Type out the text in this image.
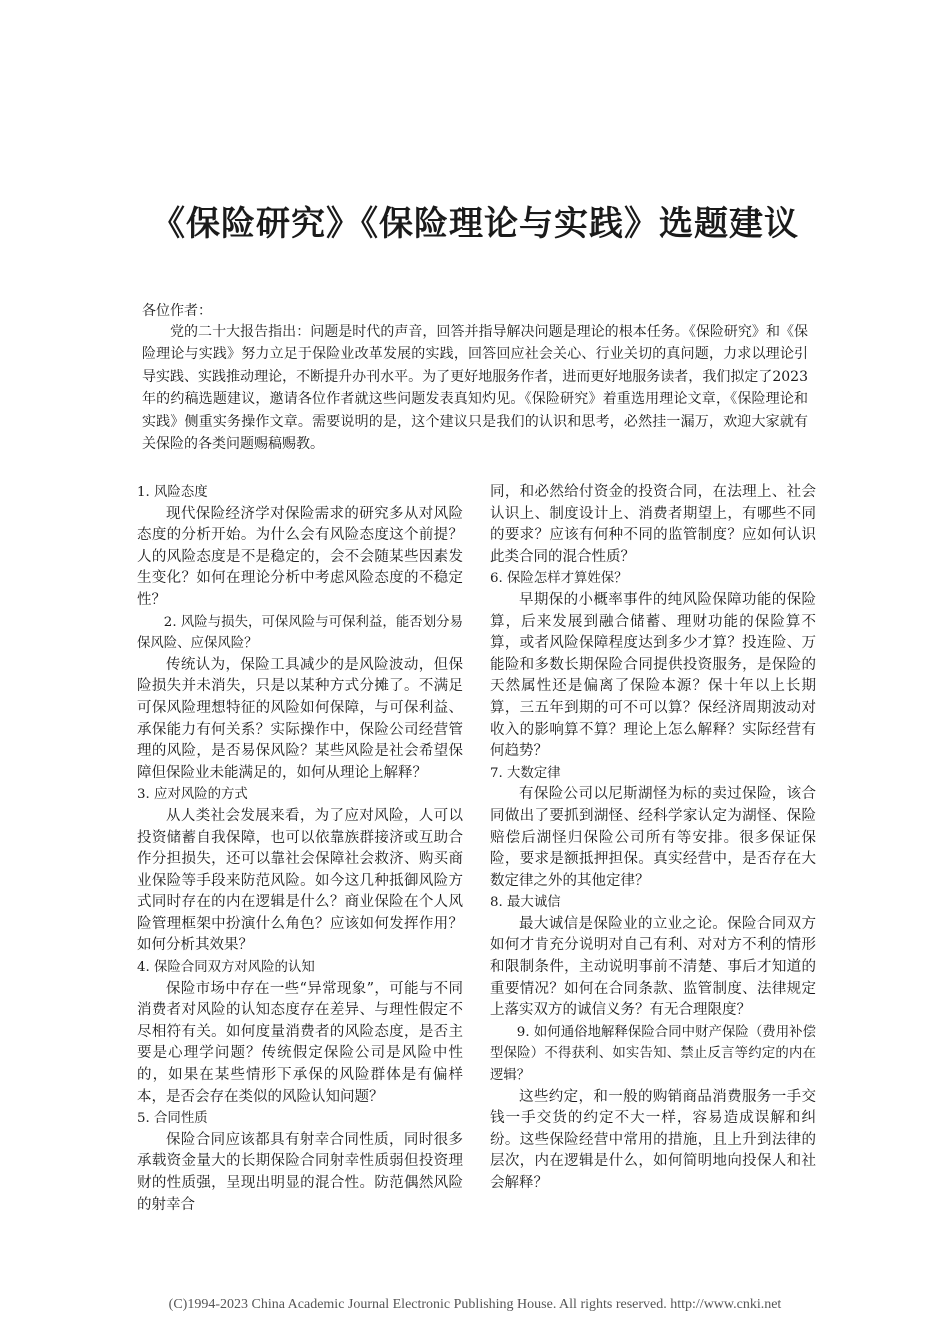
《保险研究》《保险理论与实践》选题建议
各位作者：

党的二十大报告指出：问题是时代的声音，回答并指导解决问题是理论的根本任务。《保险研究》和《保险理论与实践》努力立足于保险业改革发展的实践，回答回应社会关心、行业关切的真问题，力求以理论引导实践、实践推动理论，不断提升办刊水平。为了更好地服务作者，进而更好地服务读者，我们拟定了2023年的约稿选题建议，邀请各位作者就这些问题发表真知灼见。《保险研究》着重选用理论文章，《保险理论和实践》侧重实务操作文章。需要说明的是，这个建议只是我们的认识和思考，必然挂一漏万，欢迎大家就有关保险的各类问题赐稿赐教。

1. 风险态度

现代保险经济学对保险需求的研究多从对风险态度的分析开始。为什么会有风险态度这个前提？人的风险态度是不是稳定的，会不会随某些因素发生变化？如何在理论分析中考虑风险态度的不稳定性？

2. 风险与损失，可保风险与可保利益，能否划分易保风险、应保风险？

传统认为，保险工具减少的是风险波动，但保险损失并未消失，只是以某种方式分摊了。不满足可保风险理想特征的风险如何保障，与可保利益、承保能力有何关系？实际操作中，保险公司经营管理的风险，是否易保风险？某些风险是社会希望保障但保险业未能满足的，如何从理论上解释？

3. 应对风险的方式

从人类社会发展来看，为了应对风险，人可以投资储蓄自我保障，也可以依靠族群接济或互助合作分担损失，还可以靠社会保障社会救济、购买商业保险等手段来防范风险。如今这几种抵御风险方式同时存在的内在逻辑是什么？商业保险在个人风险管理框架中扮演什么角色？应该如何发挥作用？如何分析其效果？

4. 保险合同双方对风险的认知

保险市场中存在一些“异常现象”，可能与不同消费者对风险的认知态度存在差异、与理性假定不尽相符有关。如何度量消费者的风险态度，是否主要是心理学问题？传统假定保险公司是风险中性的，如果在某些情形下承保的风险群体是有偏样本，是否会存在类似的风险认知问题？

5. 合同性质

保险合同应该都具有射幸合同性质，同时很多承载资金量大的长期保险合同射幸性质弱但投资理财的性质强，呈现出明显的混合性。防范偶然风险的射幸合

同，和必然给付资金的投资合同，在法理上、社会认识上、制度设计上、消费者期望上，有哪些不同的要求？应该有何种不同的监管制度？应如何认识此类合同的混合性质？

6. 保险怎样才算姓保？

早期保的小概率事件的纯风险保障功能的保险算，后来发展到融合储蓄、理财功能的保险算不算，或者风险保障程度达到多少才算？投连险、万能险和多数长期保险合同提供投资服务，是保险的天然属性还是偏离了保险本源？保十年以上长期算，三五年到期的可不可以算？保经济周期波动对收入的影响算不算？理论上怎么解释？实际经营有何趋势？

7. 大数定律

有保险公司以尼斯湖怪为标的卖过保险，该合同做出了要抓到湖怪、经科学家认定为湖怪、保险赔偿后湖怪归保险公司所有等安排。很多保证保险，要求是额抵押担保。真实经营中，是否存在大数定律之外的其他定律？

8. 最大诚信

最大诚信是保险业的立业之论。保险合同双方如何才肯充分说明对自己有利、对对方不利的情形和限制条件，主动说明事前不清楚、事后才知道的重要情况？如何在合同条款、监管制度、法律规定上落实双方的诚信义务？有无合理限度？

9. 如何通俗地解释保险合同中财产保险（费用补偿型保险）不得获利、如实告知、禁止反言等约定的内在逻辑？

这些约定，和一般的购销商品消费服务一手交钱一手交货的约定不大一样，容易造成误解和纠纷。这些保险经营中常用的措施，且上升到法律的层次，内在逻辑是什么，如何简明地向投保人和社会解释？

(C)1994-2023 China Academic Journal Electronic Publishing House. All rights reserved. http://www.cnki.net
